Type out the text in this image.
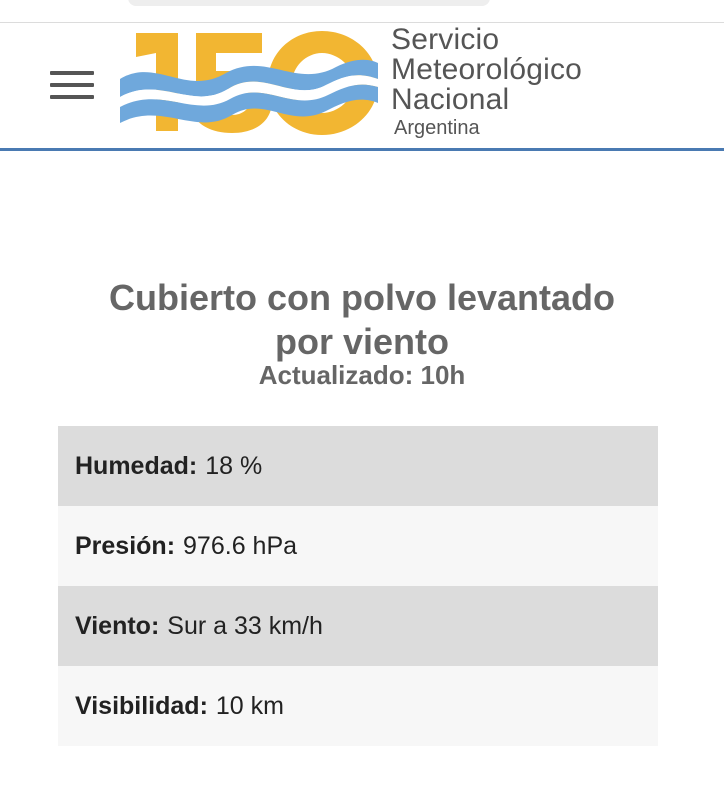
Servicio
Meteorológico
Nacional
Argentina
Cubierto con polvo levantado
por viento
Actualizado: 10h
Humedad: 18 %
Presión: 976.6 hPa
Viento: Sur a 33 km/h
Visibilidad: 10 km
